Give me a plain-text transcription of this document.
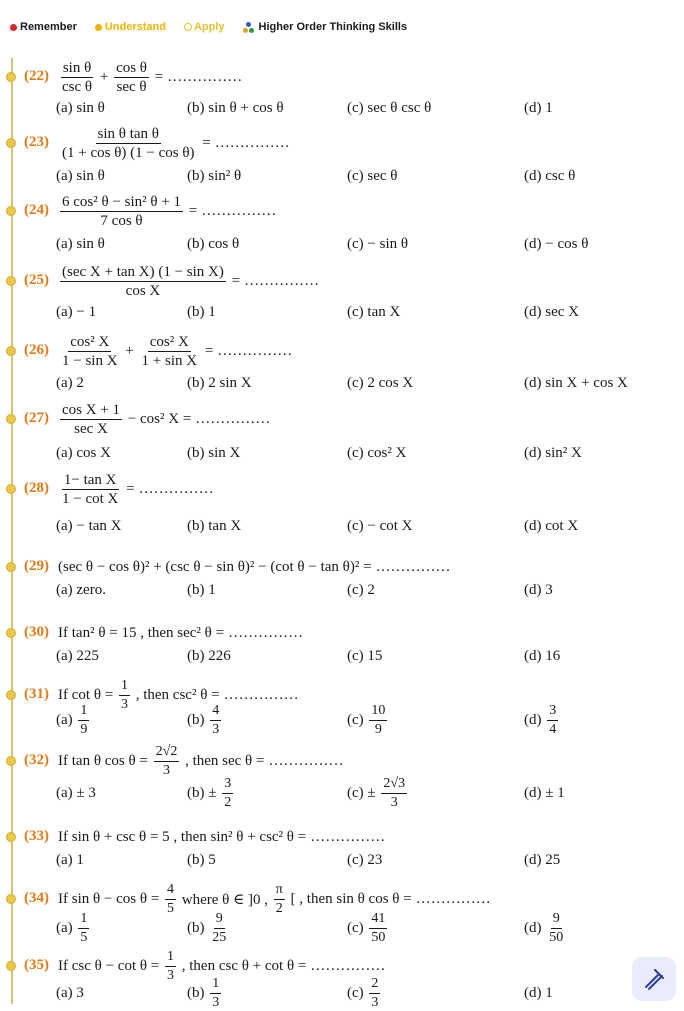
Remember	Understand	Apply	Higher Order Thinking Skills
$(22) \frac{\text{sin θ}}{\text{csc θ}} + \frac{\text{cos θ}}{\text{sec θ}}$ = ……………
(a) sin θ	(b) sin θ + cos θ	(c) sec θ csc θ	(d) 1
$(23) \frac{\text{sin θ tan θ}}{\text{(1 + cos θ) (1 − cos θ)}}$ = ……………
(a) sin θ	(b) sin² θ	(c) sec θ	(d) csc θ
$(24) \frac{\text{6 cos² θ − sin² θ + 1}}{\text{7 cos θ}}$ = ……………
(a) sin θ	(b) cos θ	(c) − sin θ	(d) − cos θ
$(25) \frac{\text{(sec X + tan X) (1 − sin X)}}{\text{cos X}}$ = ……………
(a) − 1	(b) 1	(c) tan X	(d) sec X
$(26) \frac{\text{cos² X}}{\text{1 − sin X}} + \frac{\text{cos² X}}{\text{1 + sin X}}$ = ……………
(a) 2	(b) 2 sin X	(c) 2 cos X	(d) sin X + cos X
$(27) \frac{\text{cos X + 1}}{\text{sec X}} - \cos^2$ X = ……………
(a) cos X	(b) sin X	(c) cos² X	(d) sin² X
$(28) \frac{\text{1− tan X}}{\text{1 − cot X}}$ = ……………
(a) − tan X	(b) tan X	(c) − cot X	(d) cot X
(29) (sec θ − cos θ)² + (csc θ − sin θ)² − (cot θ − tan θ)² = ……………
(a) zero.	(b) 1	(c) 2	(d) 3
(30) If tan² θ = 15 , then sec² θ = ……………
(a) 225	(b) 226	(c) 15	(d) 16
(31) If $\cot \theta = \frac{1}{3}$ , then csc² θ = ……………
$(a) \frac{1}{9}$	$(b) \frac{4}{3}$	$(c) \frac{10}{9}$	$(d) \frac{3}{4}$
(32) If tan θ $\cos \theta = \frac{2√2}{3}$ , then sec θ = ……………
(a) ± 3	$(b) \pm \frac{3}{2}$	$(c) \pm \frac{2√3}{3}$	(d) ± 1
(33) If sin θ + csc θ = 5 , then sin² θ + csc² θ = ……………
(a) 1	(b) 5	(c) 23	(d) 25
(34) If $\sin \theta - \cos \theta = \frac{4}{5}$ where θ ∈ ]0 , $\frac{\pi}{2}$ [ , then sin θ cos θ = ……………
$(a) \frac{1}{5}$	$(b) \frac{9}{25}$	$(c) \frac{41}{50}$	$(d) \frac{9}{50}$
(35) If $\csc \theta - \cot \theta = \frac{1}{3}$ , then csc θ + cot θ = ……………
(a) 3	$(b) \frac{1}{3}$	$(c) \frac{2}{3}$	(d) 1
